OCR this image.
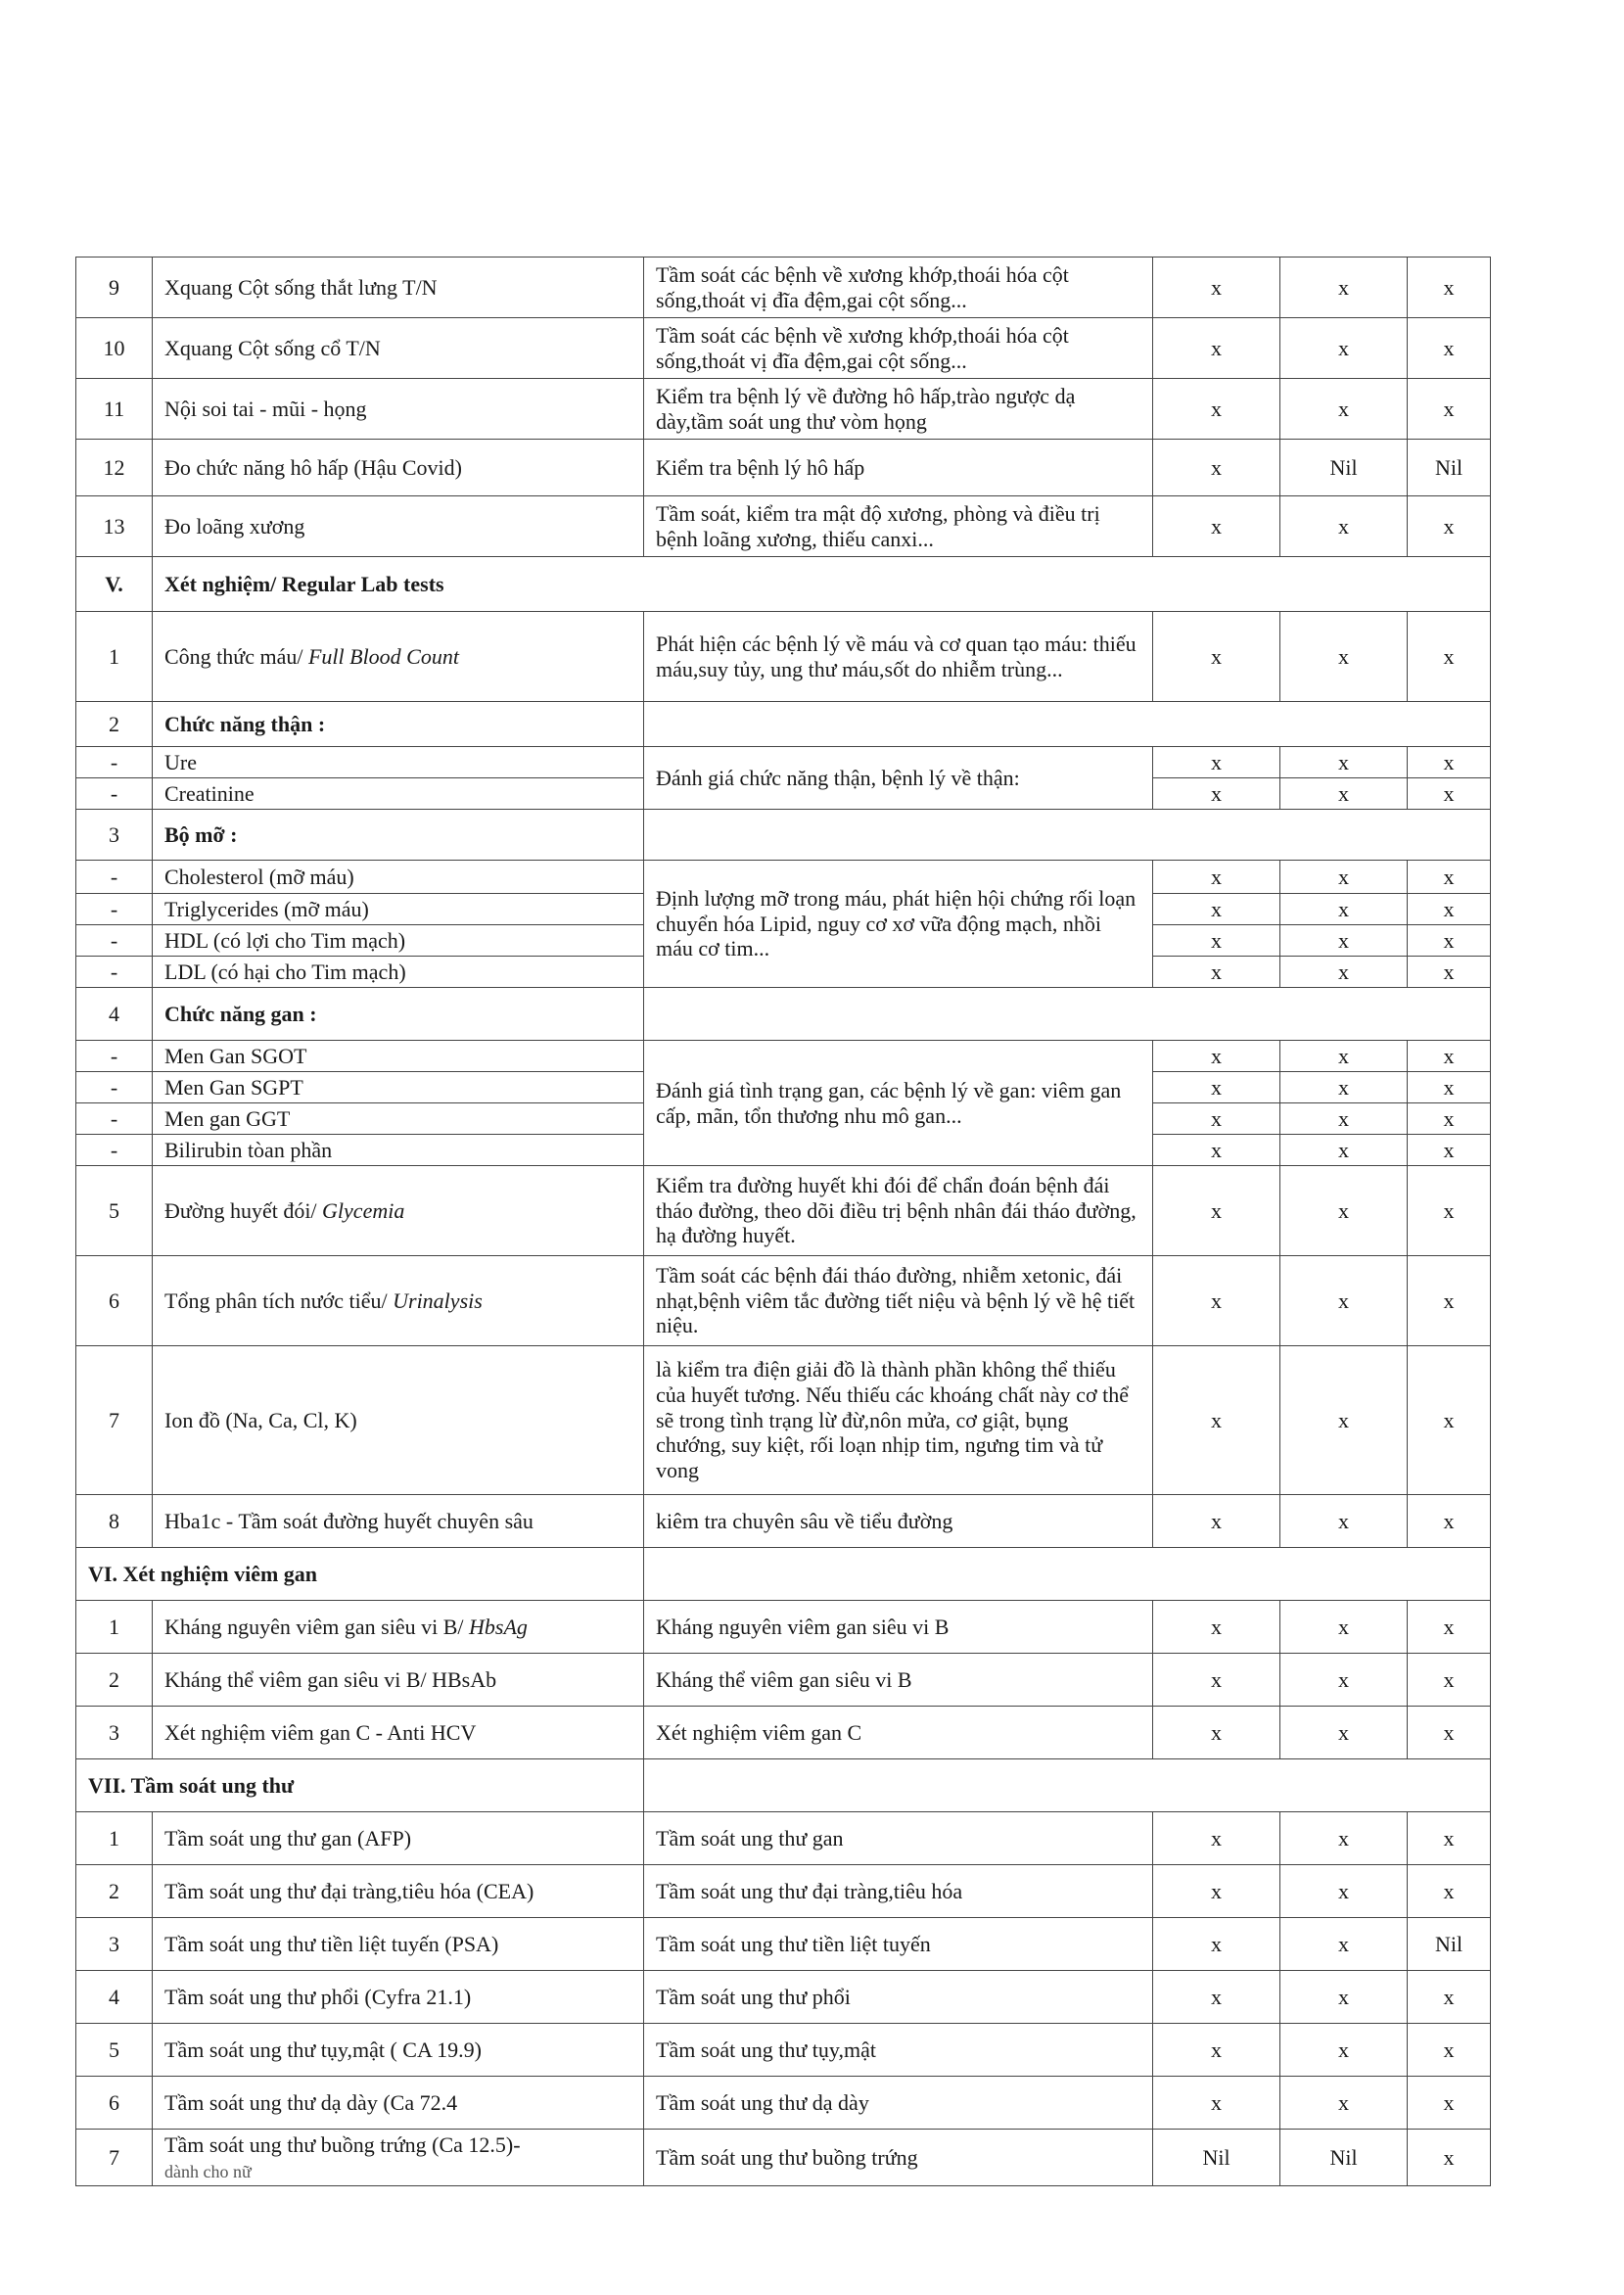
9	Xquang Cột sống thắt lưng T/N	Tầm soát các bệnh về xương khớp,thoái hóa cột sống,thoát vị đĩa đệm,gai cột sống...	x	x	x
10	Xquang Cột sống cổ T/N	Tầm soát các bệnh về xương khớp,thoái hóa cột sống,thoát vị đĩa đệm,gai cột sống...	x	x	x
11	Nội soi tai - mũi - họng	Kiểm tra bệnh lý về đường hô hấp,trào ngược dạ dày,tầm soát ung thư vòm họng	x	x	x
12	Đo chức năng hô hấp (Hậu Covid)	Kiểm tra bệnh lý hô hấp	x	Nil	Nil
13	Đo loãng xương	Tầm soát, kiểm tra mật độ xương, phòng và điều trị bệnh loãng xương, thiếu canxi...	x	x	x
V.	Xét nghiệm/ Regular Lab tests				
1	Công thức máu/ Full Blood Count	Phát hiện các bệnh lý về máu và cơ quan tạo máu: thiếu máu,suy tủy, ung thư máu,sốt do nhiễm trùng...	x	x	x
2	Chức năng thận :				
-	Ure	Đánh giá chức năng thận, bệnh lý về thận:	x	x	x
-	Creatinine		x	x	x
3	Bộ mỡ :				
-	Cholesterol (mỡ máu)	Định lượng mỡ trong máu, phát hiện hội chứng rối loạn chuyển hóa Lipid, nguy cơ xơ vữa động mạch, nhồi máu cơ tim...	x	x	x
-	Triglycerides (mỡ máu)		x	x	x
-	HDL (có lợi cho Tim mạch)		x	x	x
-	LDL (có hại cho Tim mạch)		x	x	x
4	Chức năng gan :				
-	Men Gan SGOT	Đánh giá tình trạng gan, các bệnh lý về gan: viêm gan cấp, mãn, tổn thương nhu mô gan...	x	x	x
-	Men Gan SGPT		x	x	x
-	Men gan GGT		x	x	x
-	Bilirubin tòan phần		x	x	x
5	Đường huyết đói/ Glycemia	Kiểm tra đường huyết khi đói để chẩn đoán bệnh đái tháo đường, theo dõi điều trị bệnh nhân đái tháo đường, hạ đường huyết.	x	x	x
6	Tổng phân tích nước tiểu/ Urinalysis	Tầm soát các bệnh đái tháo đường, nhiễm xetonic, đái nhạt,bệnh viêm tắc đường tiết niệu và bệnh lý về hệ tiết niệu.	x	x	x
7	Ion đồ (Na, Ca, Cl, K)	là kiểm tra điện giải đồ là thành phần không thể thiếu của huyết tương. Nếu thiếu các khoáng chất này cơ thể sẽ trong tình trạng lừ đừ,nôn mửa, cơ giật, bụng chướng, suy kiệt, rối loạn nhịp tim, ngưng tim và tử vong	x	x	x
8	Hba1c - Tầm soát đường huyết chuyên sâu	kiêm tra chuyên sâu về tiểu đường	x	x	x
VI. Xét nghiệm viêm gan					
1	Kháng nguyên viêm gan siêu vi B/ HbsAg	Kháng nguyên viêm gan siêu vi B	x	x	x
2	Kháng thể viêm gan siêu vi B/ HBsAb	Kháng thể viêm gan siêu vi B	x	x	x
3	Xét nghiệm viêm gan C - Anti HCV	Xét nghiệm viêm gan C	x	x	x
VII. Tầm soát ung thư					
1	Tầm soát ung thư gan (AFP)	Tầm soát ung thư gan	x	x	x
2	Tầm soát ung thư đại tràng,tiêu hóa (CEA)	Tầm soát ung thư đại tràng,tiêu hóa	x	x	x
3	Tầm soát ung thư tiền liệt tuyến (PSA)	Tầm soát ung thư tiền liệt tuyến	x	x	Nil
4	Tầm soát ung thư phổi (Cyfra 21.1)	Tầm soát ung thư phổi	x	x	x
5	Tầm soát ung thư tụy,mật ( CA 19.9)	Tầm soát ung thư tụy,mật	x	x	x
6	Tầm soát ung thư dạ dày (Ca 72.4	Tầm soát ung thư dạ dày	x	x	x
7	Tầm soát ung thư buồng trứng (Ca 12.5)-
dành cho nữ	Tầm soát ung thư buồng trứng	Nil	Nil	x
